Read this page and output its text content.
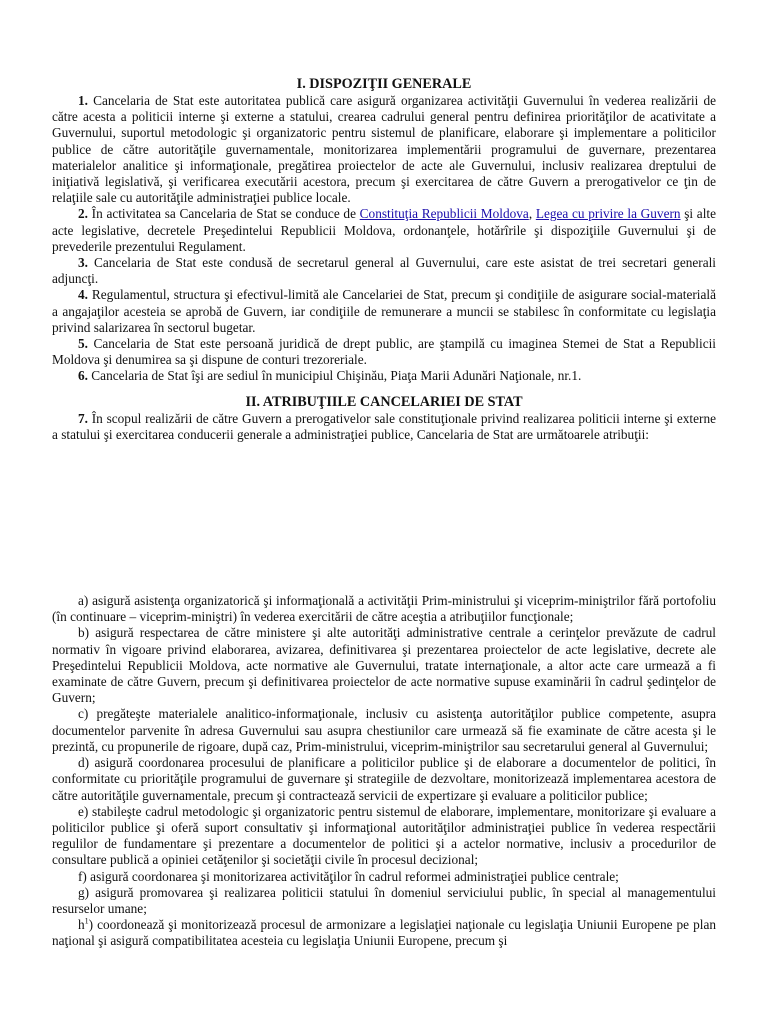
I. DISPOZIŢII GENERALE

1. Cancelaria de Stat este autoritatea publică care asigură organizarea activităţii Guvernului în vederea realizării de către acesta a politicii interne şi externe a statului, crearea cadrului general pentru definirea priorităţilor de acativitate a Guvernului, suportul metodologic şi organizatoric pentru sistemul de planificare, elaborare şi implementare a politicilor publice de către autorităţile guvernamentale, monitorizarea implementării programului de guvernare, prezentarea materialelor analitice şi informaţionale, pregătirea proiectelor de acte ale Guvernului, inclusiv realizarea dreptului de iniţiativă legislativă, şi verificarea executării acestora, precum şi exercitarea de către Guvern a prerogativelor ce ţin de relaţiile sale cu autorităţile administraţiei publice locale.

2. În activitatea sa Cancelaria de Stat se conduce de Constituţia Republicii Moldova, Legea cu privire la Guvern şi alte acte legislative, decretele Preşedintelui Republicii Moldova, ordonanţele, hotărîrile şi dispoziţiile Guvernului şi de prevederile prezentului Regulament.

3. Cancelaria de Stat este condusă de secretarul general al Guvernului, care este asistat de trei secretari generali adjuncţi.

4. Regulamentul, structura şi efectivul-limită ale Cancelariei de Stat, precum şi condiţiile de asigurare social-materială a angajaţilor acesteia se aprobă de Guvern, iar condiţiile de remunerare a muncii se stabilesc în conformitate cu legislaţia privind salarizarea în sectorul bugetar.

5. Cancelaria de Stat este persoană juridică de drept public, are ştampilă cu imaginea Stemei de Stat a Republicii Moldova şi denumirea sa şi dispune de conturi trezoreriale.

6. Cancelaria de Stat îşi are sediul în municipiul Chişinău, Piaţa Marii Adunări Naţionale, nr.1.

II. ATRIBUŢIILE CANCELARIEI DE STAT

7. În scopul realizării de către Guvern a prerogativelor sale constituţionale privind realizarea politicii interne şi externe a statului şi exercitarea conducerii generale a administraţiei publice, Cancelaria de Stat are următoarele atribuţii:

a) asigură asistenţa organizatorică şi informaţională a activităţii Prim-ministrului şi viceprim-miniştrilor fără portofoliu (în continuare – viceprim-miniştri) în vederea exercitării de către aceştia a atribuţiilor funcţionale;

b) asigură respectarea de către ministere şi alte autorităţi administrative centrale a cerinţelor prevăzute de cadrul normativ în vigoare privind elaborarea, avizarea, definitivarea şi prezentarea proiectelor de acte legislative, decrete ale Preşedintelui Republicii Moldova, acte normative ale Guvernului, tratate internaţionale, a altor acte care urmează a fi examinate de către Guvern, precum şi definitivarea proiectelor de acte normative supuse examinării în cadrul şedinţelor de Guvern;

c) pregăteşte materialele analitico-informaţionale, inclusiv cu asistenţa autorităţilor publice competente, asupra documentelor parvenite în adresa Guvernului sau asupra chestiunilor care urmează să fie examinate de către acesta şi le prezintă, cu propunerile de rigoare, după caz, Prim-ministrului, viceprim-miniştrilor sau secretarului general al Guvernului;

d) asigură coordonarea procesului de planificare a politicilor publice şi de elaborare a documentelor de politici, în conformitate cu priorităţile programului de guvernare şi strategiile de dezvoltare, monitorizează implementarea acestora de către autorităţile guvernamentale, precum şi contractează servicii de expertizare şi evaluare a politicilor publice;

e) stabileşte cadrul metodologic şi organizatoric pentru sistemul de elaborare, implementare, monitorizare şi evaluare a politicilor publice şi oferă suport consultativ şi informaţional autorităţilor administraţiei publice în vederea respectării regulilor de fundamentare şi prezentare a documentelor de politici şi a actelor normative, inclusiv a procedurilor de consultare publică a opiniei cetăţenilor şi societăţii civile în procesul decizional;

f) asigură coordonarea şi monitorizarea activităţilor în cadrul reformei administraţiei publice centrale;

g) asigură promovarea şi realizarea politicii statului în domeniul serviciului public, în special al managementului resurselor umane;

$h^1$) coordonează şi monitorizează procesul de armonizare a legislaţiei naţionale cu legislaţia Uniunii Europene pe plan naţional şi asigură compatibilitatea acesteia cu legislaţia Uniunii Europene, precum şi
